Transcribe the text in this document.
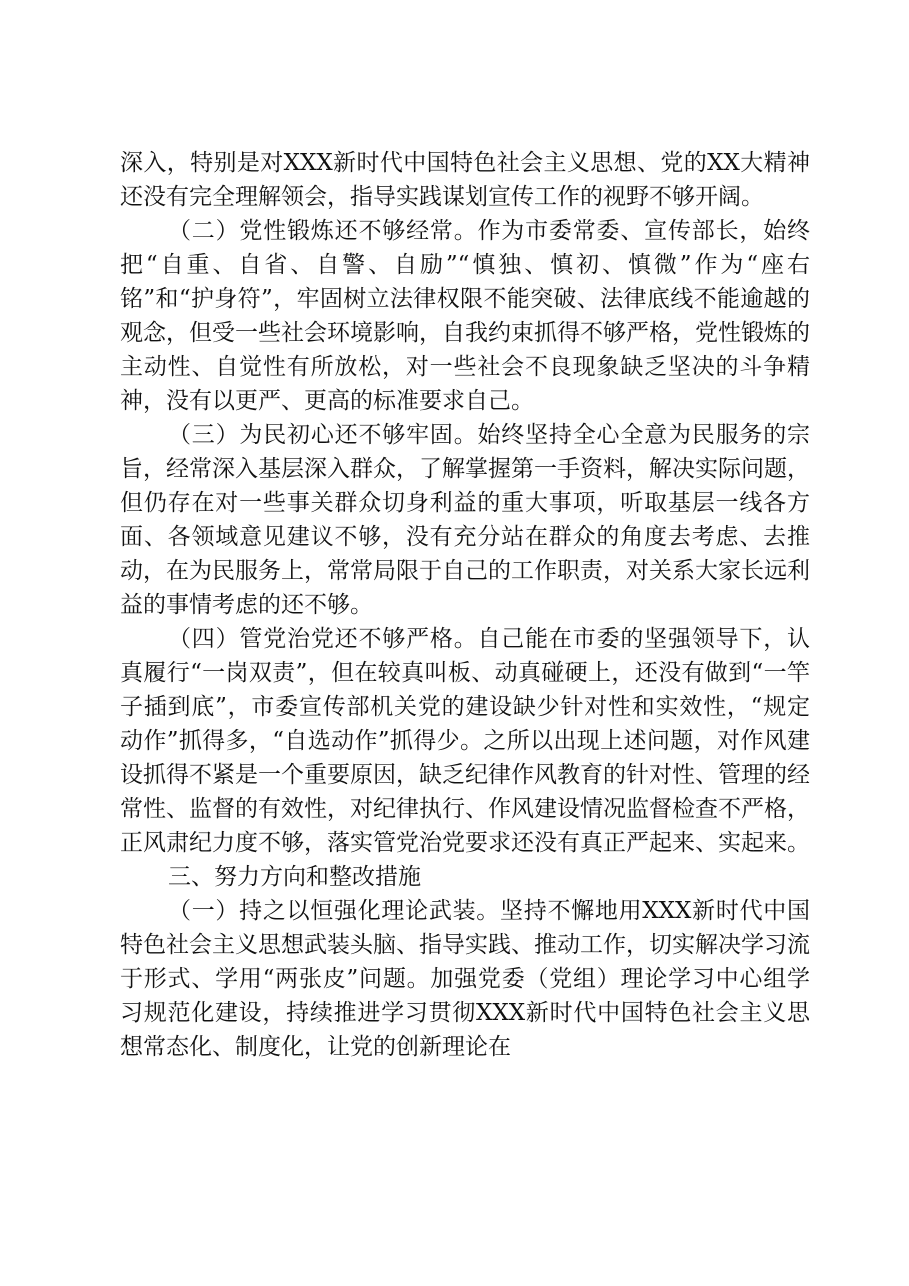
深入，特别是对XXX新时代中国特色社会主义思想、党的XX大精神还没有完全理解领会，指导实践谋划宣传工作的视野不够开阔。

（二）党性锻炼还不够经常。作为市委常委、宣传部长，始终把“自重、自省、自警、自励”“慎独、慎初、慎微”作为“座右铭”和“护身符”，牢固树立法律权限不能突破、法律底线不能逾越的观念，但受一些社会环境影响，自我约束抓得不够严格，党性锻炼的主动性、自觉性有所放松，对一些社会不良现象缺乏坚决的斗争精神，没有以更严、更高的标准要求自己。

（三）为民初心还不够牢固。始终坚持全心全意为民服务的宗旨，经常深入基层深入群众，了解掌握第一手资料，解决实际问题，但仍存在对一些事关群众切身利益的重大事项，听取基层一线各方面、各领域意见建议不够，没有充分站在群众的角度去考虑、去推动，在为民服务上，常常局限于自己的工作职责，对关系大家长远利益的事情考虑的还不够。

（四）管党治党还不够严格。自己能在市委的坚强领导下，认真履行“一岗双责”，但在较真叫板、动真碰硬上，还没有做到“一竿子插到底”，市委宣传部机关党的建设缺少针对性和实效性，“规定动作”抓得多，“自选动作”抓得少。之所以出现上述问题，对作风建设抓得不紧是一个重要原因，缺乏纪律作风教育的针对性、管理的经常性、监督的有效性，对纪律执行、作风建设情况监督检查不严格，正风肃纪力度不够，落实管党治党要求还没有真正严起来、实起来。

三、努力方向和整改措施

（一）持之以恒强化理论武装。坚持不懈地用XXX新时代中国特色社会主义思想武装头脑、指导实践、推动工作，切实解决学习流于形式、学用“两张皮”问题。加强党委（党组）理论学习中心组学习规范化建设，持续推进学习贯彻XXX新时代中国特色社会主义思想常态化、制度化，让党的创新理论在
